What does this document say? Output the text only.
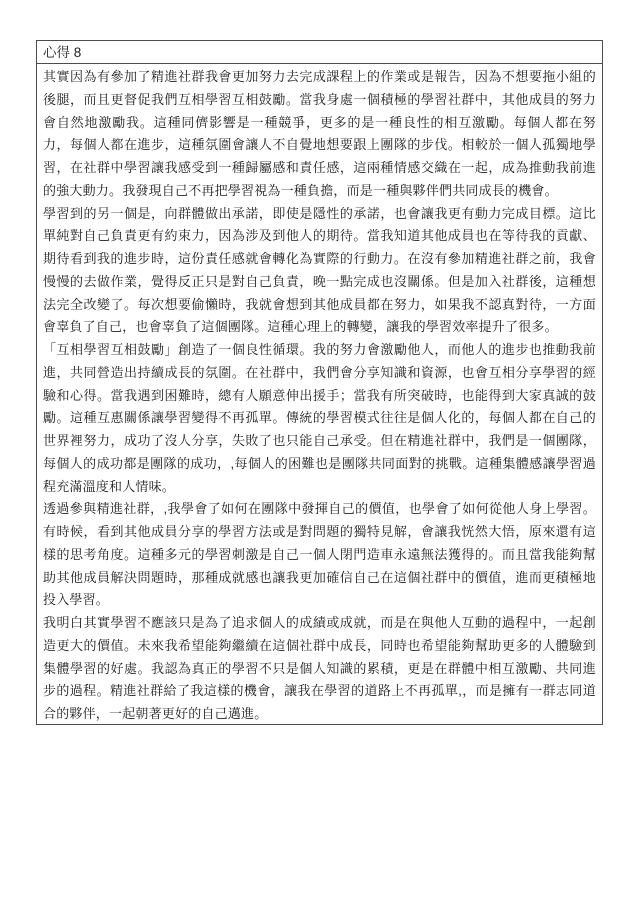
心得 8

其實因為有參加了精進社群我會更加努力去完成課程上的作業或是報告，因為不想要拖小組的後腿，而且更督促我們互相學習互相鼓勵。當我身處一個積極的學習社群中，其他成員的努力會自然地激勵我。這種同儕影響是一種競爭，更多的是一種良性的相互激勵。每個人都在努力，每個人都在進步，這種氛圍會讓人不自覺地想要跟上團隊的步伐。相較於一個人孤獨地學習，在社群中學習讓我感受到一種歸屬感和責任感，這兩種情感交織在一起，成為推動我前進的強大動力。我發現自己不再把學習視為一種負擔，而是一種與夥伴們共同成長的機會。

學習到的另一個是，向群體做出承諾，即使是隱性的承諾，也會讓我更有動力完成目標。這比單純對自己負責更有約束力，因為涉及到他人的期待。當我知道其他成員也在等待我的貢獻、期待看到我的進步時，這份責任感就會轉化為實際的行動力。在沒有參加精進社群之前，我會慢慢的去做作業，覺得反正只是對自己負責，晚一點完成也沒關係。但是加入社群後，這種想法完全改變了。每次想要偷懶時，我就會想到其他成員都在努力，如果我不認真對待，一方面會辜負了自己，也會辜負了這個團隊。這種心理上的轉變，讓我的學習效率提升了很多。

「互相學習互相鼓勵」創造了一個良性循環。我的努力會激勵他人，而他人的進步也推動我前進，共同營造出持續成長的氛圍。在社群中，我們會分享知識和資源，也會互相分享學習的經驗和心得。當我遇到困難時，總有人願意伸出援手；當我有所突破時，也能得到大家真誠的鼓勵。這種互惠關係讓學習變得不再孤單。傳統的學習模式往往是個人化的，每個人都在自己的世界裡努力，成功了沒人分享，失敗了也只能自己承受。但在精進社群中，我們是一個團隊，每個人的成功都是團隊的成功，,每個人的困難也是團隊共同面對的挑戰。這種集體感讓學習過程充滿溫度和人情味。

透過參與精進社群，,我學會了如何在團隊中發揮自己的價值，也學會了如何從他人身上學習。有時候，看到其他成員分享的學習方法或是對問題的獨特見解，會讓我恍然大悟，原來還有這樣的思考角度。這種多元的學習刺激是自己一個人閉門造車永遠無法獲得的。而且當我能夠幫助其他成員解決問題時，那種成就感也讓我更加確信自己在這個社群中的價值，進而更積極地投入學習。

我明白其實學習不應該只是為了追求個人的成績或成就，而是在與他人互動的過程中，一起創造更大的價值。未來我希望能夠繼續在這個社群中成長，同時也希望能夠幫助更多的人體驗到集體學習的好處。我認為真正的學習不只是個人知識的累積，更是在群體中相互激勵、共同進步的過程。精進社群給了我這樣的機會，讓我在學習的道路上不再孤單,，而是擁有一群志同道合的夥伴，一起朝著更好的自己邁進。
